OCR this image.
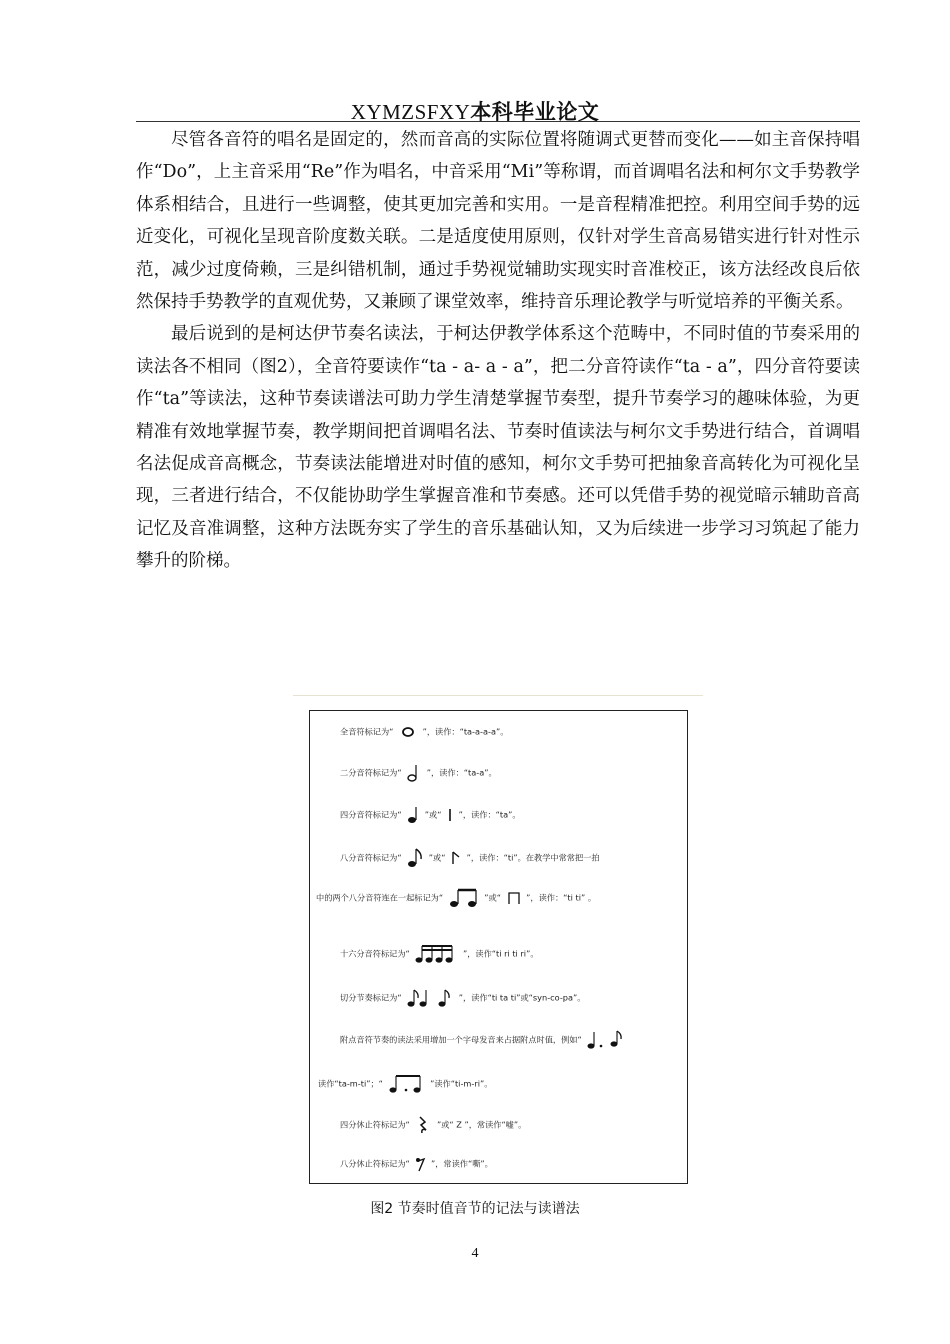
XYMZSFXY本科毕业论文

尽管各音符的唱名是固定的，然而音高的实际位置将随调式更替而变化——如主音保持唱作“Do”，上主音采用“Re”作为唱名，中音采用“Mi”等称谓，而首调唱名法和柯尔文手势教学体系相结合，且进行一些调整，使其更加完善和实用。一是音程精准把控。利用空间手势的远近变化，可视化呈现音阶度数关联。二是适度使用原则，仅针对学生音高易错实进行针对性示范，减少过度倚赖，三是纠错机制，通过手势视觉辅助实现实时音准校正，该方法经改良后依然保持手势教学的直观优势，又兼顾了课堂效率，维持音乐理论教学与听觉培养的平衡关系。

最后说到的是柯达伊节奏名读法，于柯达伊教学体系这个范畴中，不同时值的节奏采用的读法各不相同（图2），全音符要读作“ta - a- a - a”，把二分音符读作“ta - a”，四分音符要读作“ta”等读法，这种节奏读谱法可助力学生清楚掌握节奏型，提升节奏学习的趣味体验，为更精准有效地掌握节奏，教学期间把首调唱名法、节奏时值读法与柯尔文手势进行结合，首调唱名法促成音高概念，节奏读法能增进对时值的感知，柯尔文手势可把抽象音高转化为可视化呈现，三者进行结合，不仅能协助学生掌握音准和节奏感。还可以凭借手势的视觉暗示辅助音高记忆及音准调整，这种方法既夯实了学生的音乐基础认知，又为后续进一步学习习筑起了能力攀升的阶梯。

全音符标记为“	”，读作：“ta-a-a-a”。
二分音符标记为“	”，读作：“ta-a”。
四分音符标记为“	”或“ ”，读作：“ta”。
八分音符标记为“	”或“	”，读作：“ti”。在教学中常常把一拍
中的两个八分音符连在一起标记为“	”或“	”，读作：“ti ti” 。
十六分音符标记为“	”，读作“ti ri ti ri”。
切分节奏标记为“	”，读作“ti ta ti”或“syn-co-pa”。
附点音符节奏的读法采用增加一个字母发音来占据附点时值，例如“
读作“ta-m-ti”；“	”读作“ti-m-ri”。
四分休止符标记为“	”或“ Z ”，常读作“嘘”。
八分休止符标记为“	”，常读作“嘶”。
图2 节奏时值音节的记法与读谱法
4
